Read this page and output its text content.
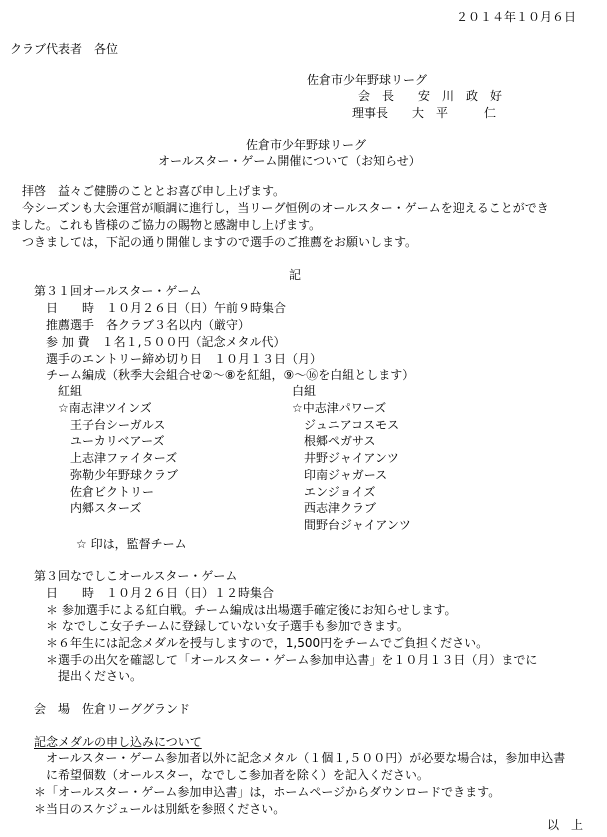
２０１４年１０月６日
クラブ代表者　各位
佐倉市少年野球リーグ
会　長　　安　川　政　好
理事長　　大　平　　　仁
佐倉市少年野球リーグ
オールスター・ゲーム開催について（お知らせ）
拝啓　益々ご健勝のこととお喜び申し上げます。
今シーズンも大会運営が順調に進行し，当リーグ恒例のオールスター・ゲームを迎えることができ
ました。これも皆様のご協力の賜物と感謝申し上げます。
つきましては，下記の通り開催しますので選手のご推薦をお願いします。
記
第３１回オールスター・ゲーム
日　　時　１０月２６日（日）午前９時集合
推薦選手　各クラブ３名以内（厳守）
参 加 費　１名１,５００円（記念メタル代）
選手のエントリー締め切り日　１０月１３日（月）
チーム編成（秋季大会組合せ②～⑧を紅組，⑨～⑯を白組とします）
紅組	白組
☆南志津ツインズ
王子台シーガルス
ユーカリベアーズ
上志津ファイターズ
弥勒少年野球クラブ
佐倉ビクトリー
内郷スターズ
☆中志津パワーズ
ジュニアコスモス
根郷ペガサス
井野ジャイアンツ
印南ジャガース
エンジョイズ
西志津クラブ
間野台ジャイアンツ
☆ 印は，監督チーム
第３回なでしこオールスター・ゲーム
日　　時　１０月２６日（日）１２時集合
＊ 参加選手による紅白戦。チーム編成は出場選手確定後にお知らせします。
＊ なでしこ女子チームに登録していない女子選手も参加できます。
＊６年生には記念メダルを授与しますので，1,500円をチームでご負担ください。
＊選手の出欠を確認して「オールスター・ゲーム参加申込書」を１０月１３日（月）までに
提出ください。
会　場　佐倉リーググランド
記念メダルの申し込みについて
オールスター・ゲーム参加者以外に記念メタル（１個１,５００円）が必要な場合は，参加申込書
に希望個数（オールスター，なでしこ参加者を除く）を記入ください。
＊「オールスター・ゲーム参加申込書」は，ホームページからダウンロードできます。
＊当日のスケジュールは別紙を参照ください。
以　上
